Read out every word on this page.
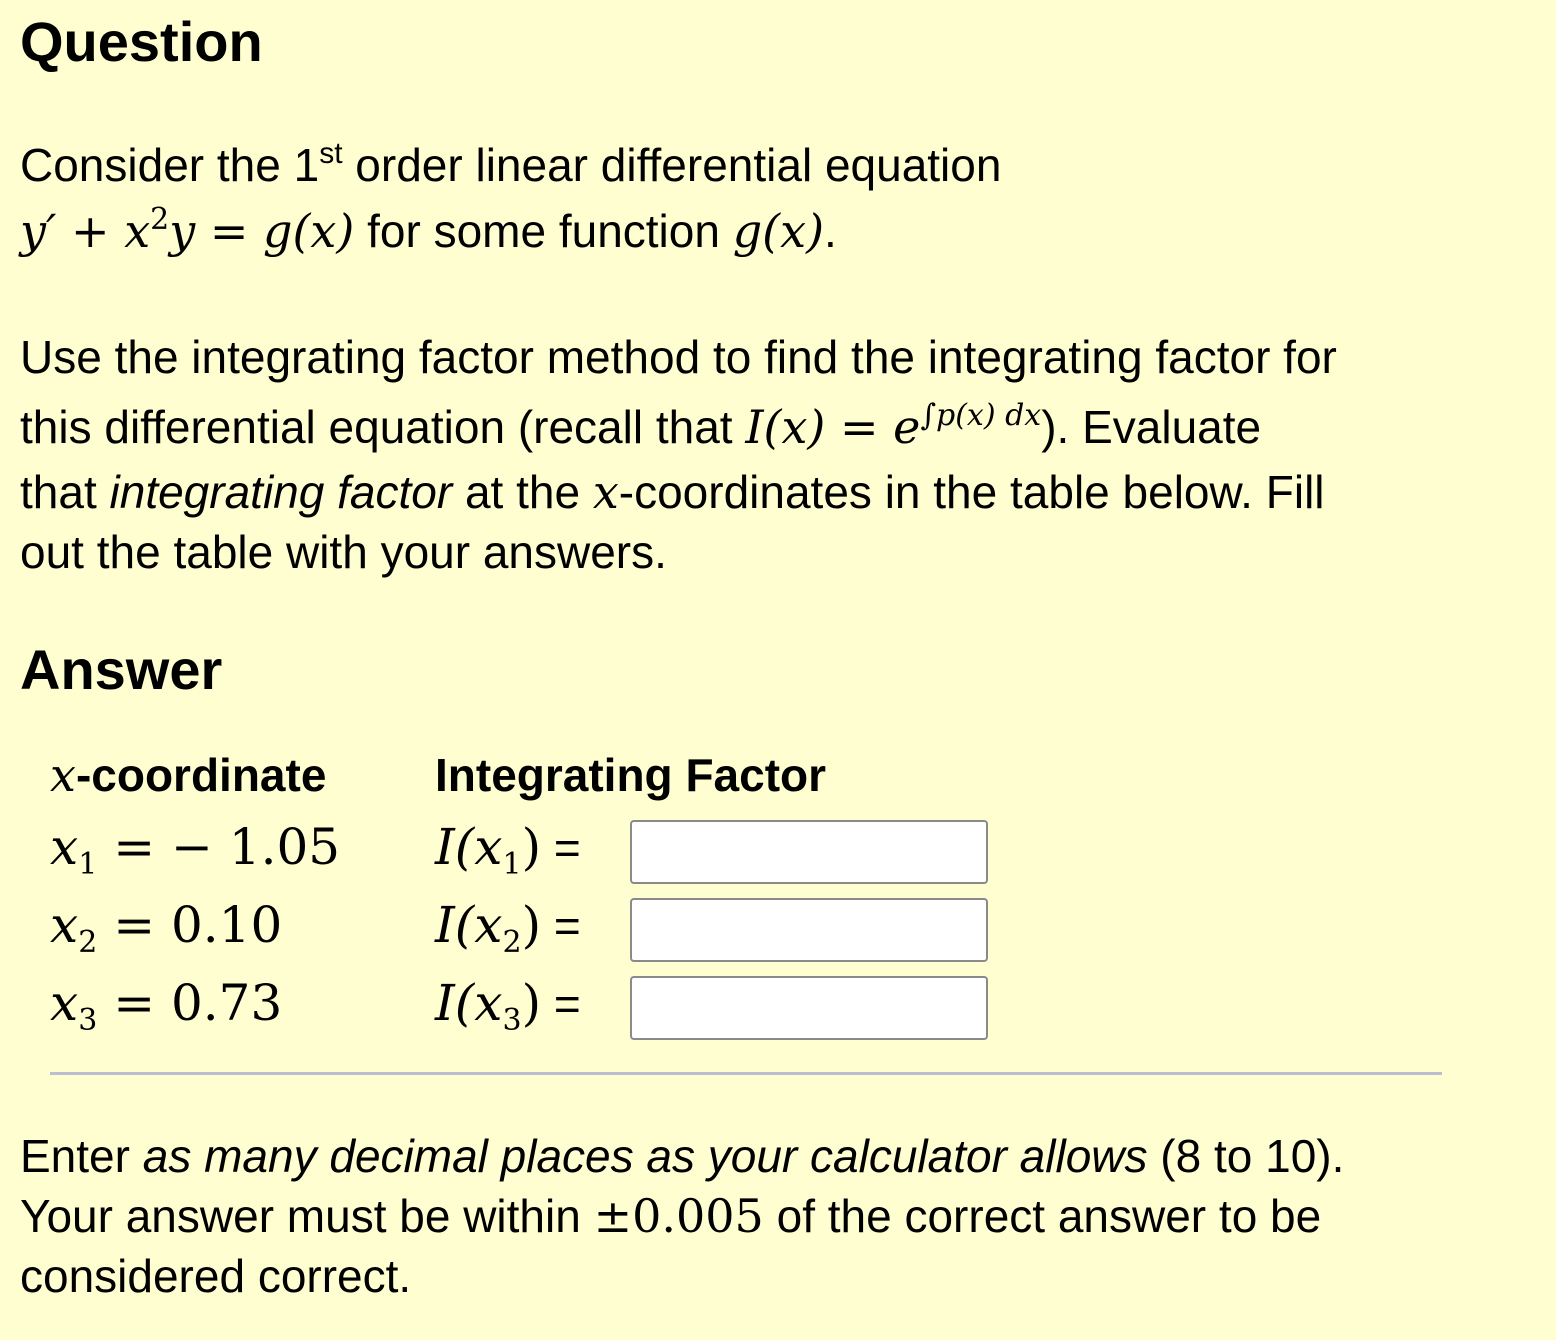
Question
Consider the 1st order linear differential equation
$y' + x^2y = g(x)$ for some function g(x).
Use the integrating factor method to find the integrating factor for
this differential equation (recall that $I(x) = e^{\int p(x) dx}$). Evaluate
that integrating factor at the x-coordinates in the table below. Fill
out the table with your answers.
Answer
x-coordinate Integrating Factor
$x_1$ = − 1.05 $I(x_1)$ =
$x_2 = 0.10$	$I(x_2)$ =
$x_3 = 0.73$	$I(x_3)$ =
Enter as many decimal places as your calculator allows (8 to 10).
Your answer must be within ±0.005 of the correct answer to be
considered correct.
